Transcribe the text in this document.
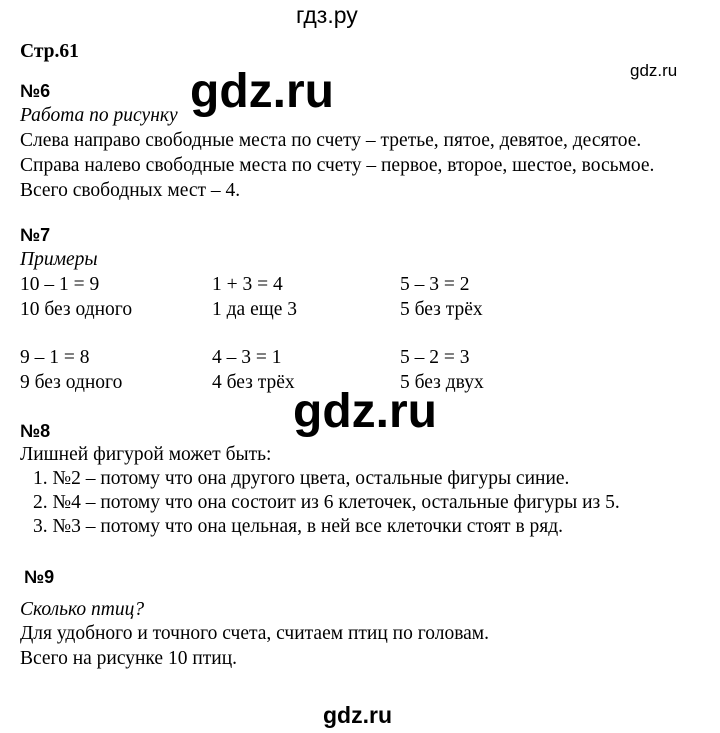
гдз.ру
gdz.ru
gdz.ru
gdz.ru
gdz.ru
Стр.61
№6
Работа по рисунку
Слева направо свободные места по счету – третье, пятое, девятое, десятое.
Справа налево свободные места по счету – первое, второе, шестое, восьмое.
Всего свободных мест – 4.
№7
Примеры
10 – 1 = 9	1 + 3 = 4	5 – 3 = 2
10 без одного	1 да еще 3	5 без трёх
9 – 1 = 8	4 – 3 = 1	5 – 2 = 3
9 без одного	4 без трёх	5 без двух
№8
Лишней фигурой может быть:
1. №2 – потому что она другого цвета, остальные фигуры синие.
2. №4 – потому что она состоит из 6 клеточек, остальные фигуры из 5.
3. №3 – потому что она цельная, в ней все клеточки стоят в ряд.
№9
Сколько птиц?
Для удобного и точного счета, считаем птиц по головам.
Всего на рисунке 10 птиц.
